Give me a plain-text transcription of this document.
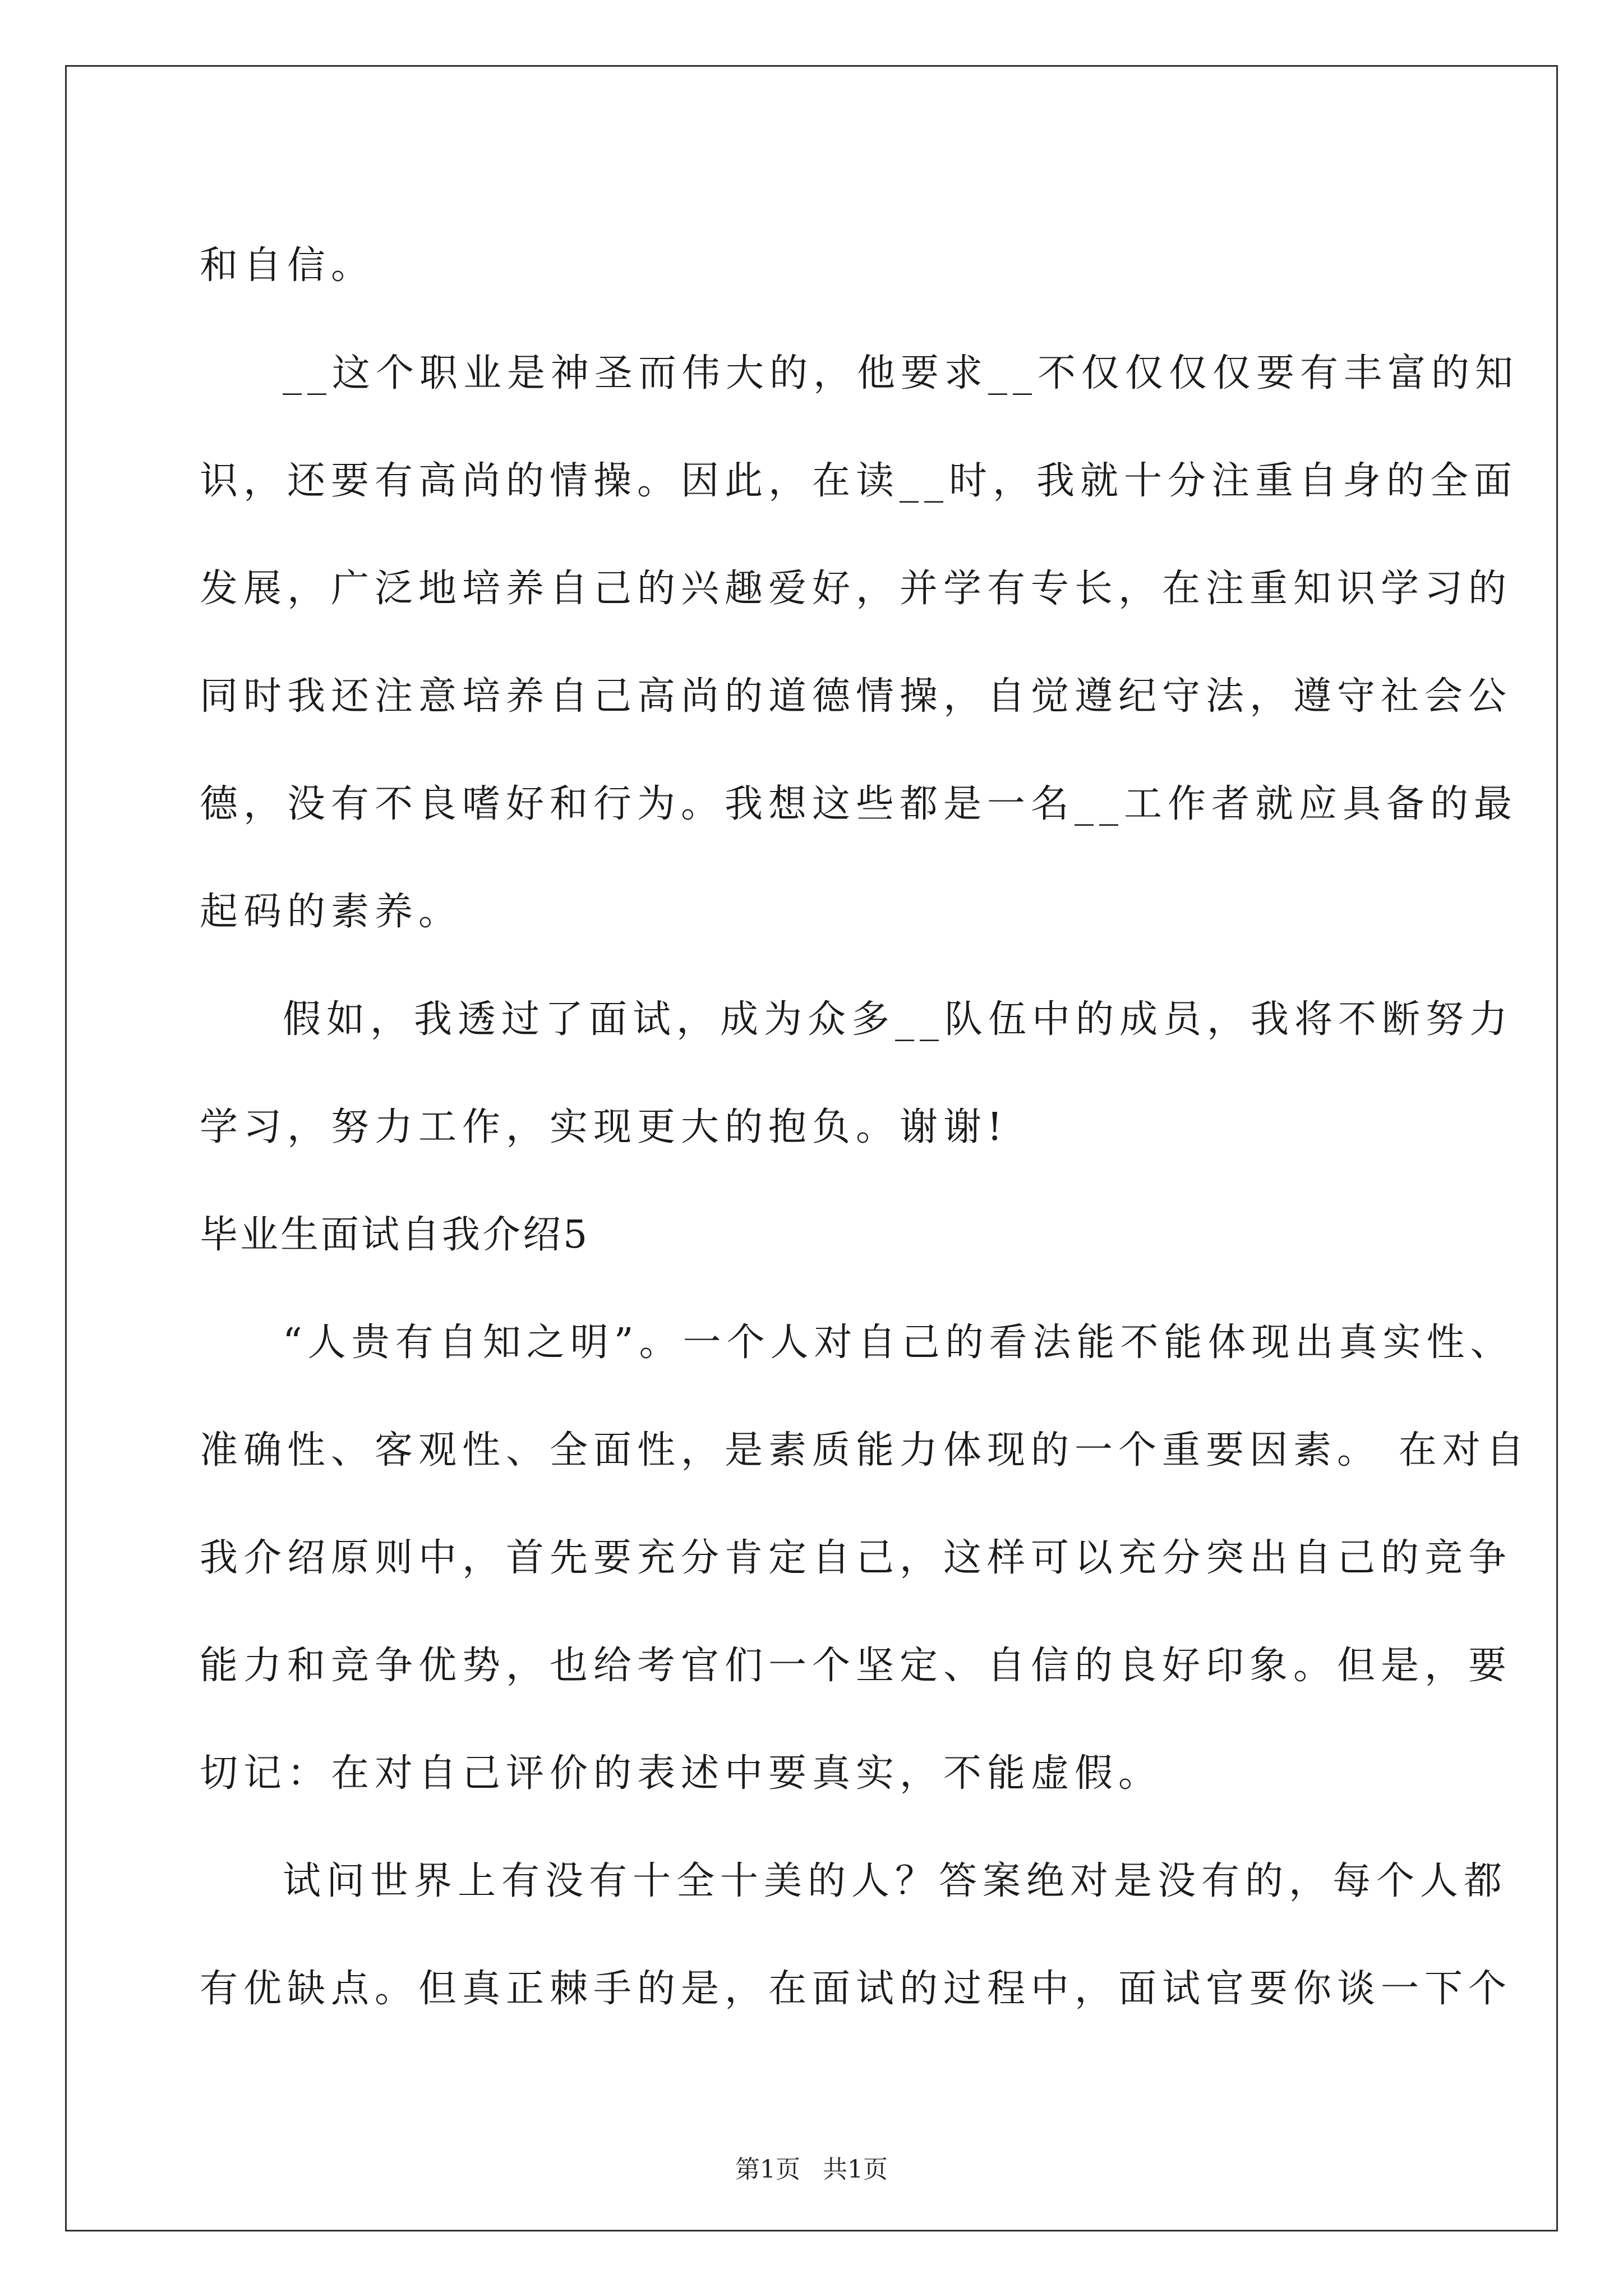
和自信。
__这个职业是神圣而伟大的，他要求__不仅仅仅仅要有丰富的知
识，还要有高尚的情操。因此，在读__时，我就十分注重自身的全面
发展，广泛地培养自己的兴趣爱好，并学有专长，在注重知识学习的
同时我还注意培养自己高尚的道德情操，自觉遵纪守法，遵守社会公
德，没有不良嗜好和行为。我想这些都是一名__工作者就应具备的最
起码的素养。
假如，我透过了面试，成为众多__队伍中的成员，我将不断努力
学习，努力工作，实现更大的抱负。谢谢!
毕业生面试自我介绍5
“人贵有自知之明”。一个人对自己的看法能不能体现出真实性、
准确性、客观性、全面性，是素质能力体现的一个重要因素。 在对自
我介绍原则中，首先要充分肯定自己，这样可以充分突出自己的竞争
能力和竞争优势，也给考官们一个坚定、自信的良好印象。但是，要
切记：在对自己评价的表述中要真实，不能虚假。
试问世界上有没有十全十美的人？答案绝对是没有的，每个人都
有优缺点。但真正棘手的是，在面试的过程中，面试官要你谈一下个
第1页 共1页
